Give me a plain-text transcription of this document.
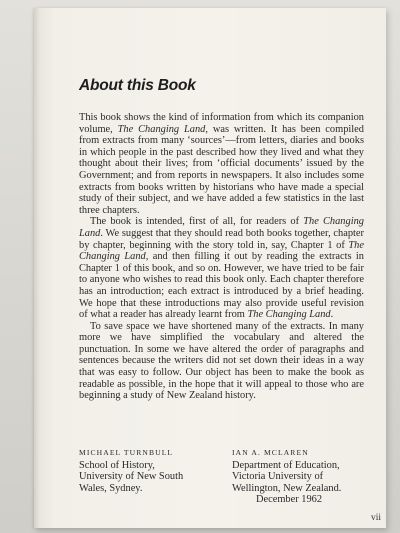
About this Book

This book shows the kind of information from which its companion volume, The Changing Land, was written. It has been compiled from extracts from many ‘sources’—from letters, diaries and books in which people in the past described how they lived and what they thought about their lives; from ‘official documents’ issued by the Government; and from reports in newspapers. It also includes some extracts from books written by historians who have made a special study of their subject, and we have added a few statistics in the last three chapters.

The book is intended, first of all, for readers of The Changing Land. We suggest that they should read both books together, chapter by chapter, beginning with the story told in, say, Chapter 1 of The Changing Land, and then filling it out by reading the extracts in Chapter 1 of this book, and so on. However, we have tried to be fair to anyone who wishes to read this book only. Each chapter therefore has an introduction; each extract is introduced by a brief heading. We hope that these introductions may also provide useful revision of what a reader has already learnt from The Changing Land.

To save space we have shortened many of the extracts. In many more we have simplified the vocabulary and altered the punctuation. In some we have altered the order of paragraphs and sentences because the writers did not set down their ideas in a way that was easy to follow. Our object has been to make the book as readable as possible, in the hope that it will appeal to those who are beginning a study of New Zealand history.

MICHAEL TURNBULL
School of History,
University of New South
Wales, Sydney.
IAN A. MCLAREN
Department of Education,
Victoria University of
Wellington, New Zealand.
December 1962
vii
